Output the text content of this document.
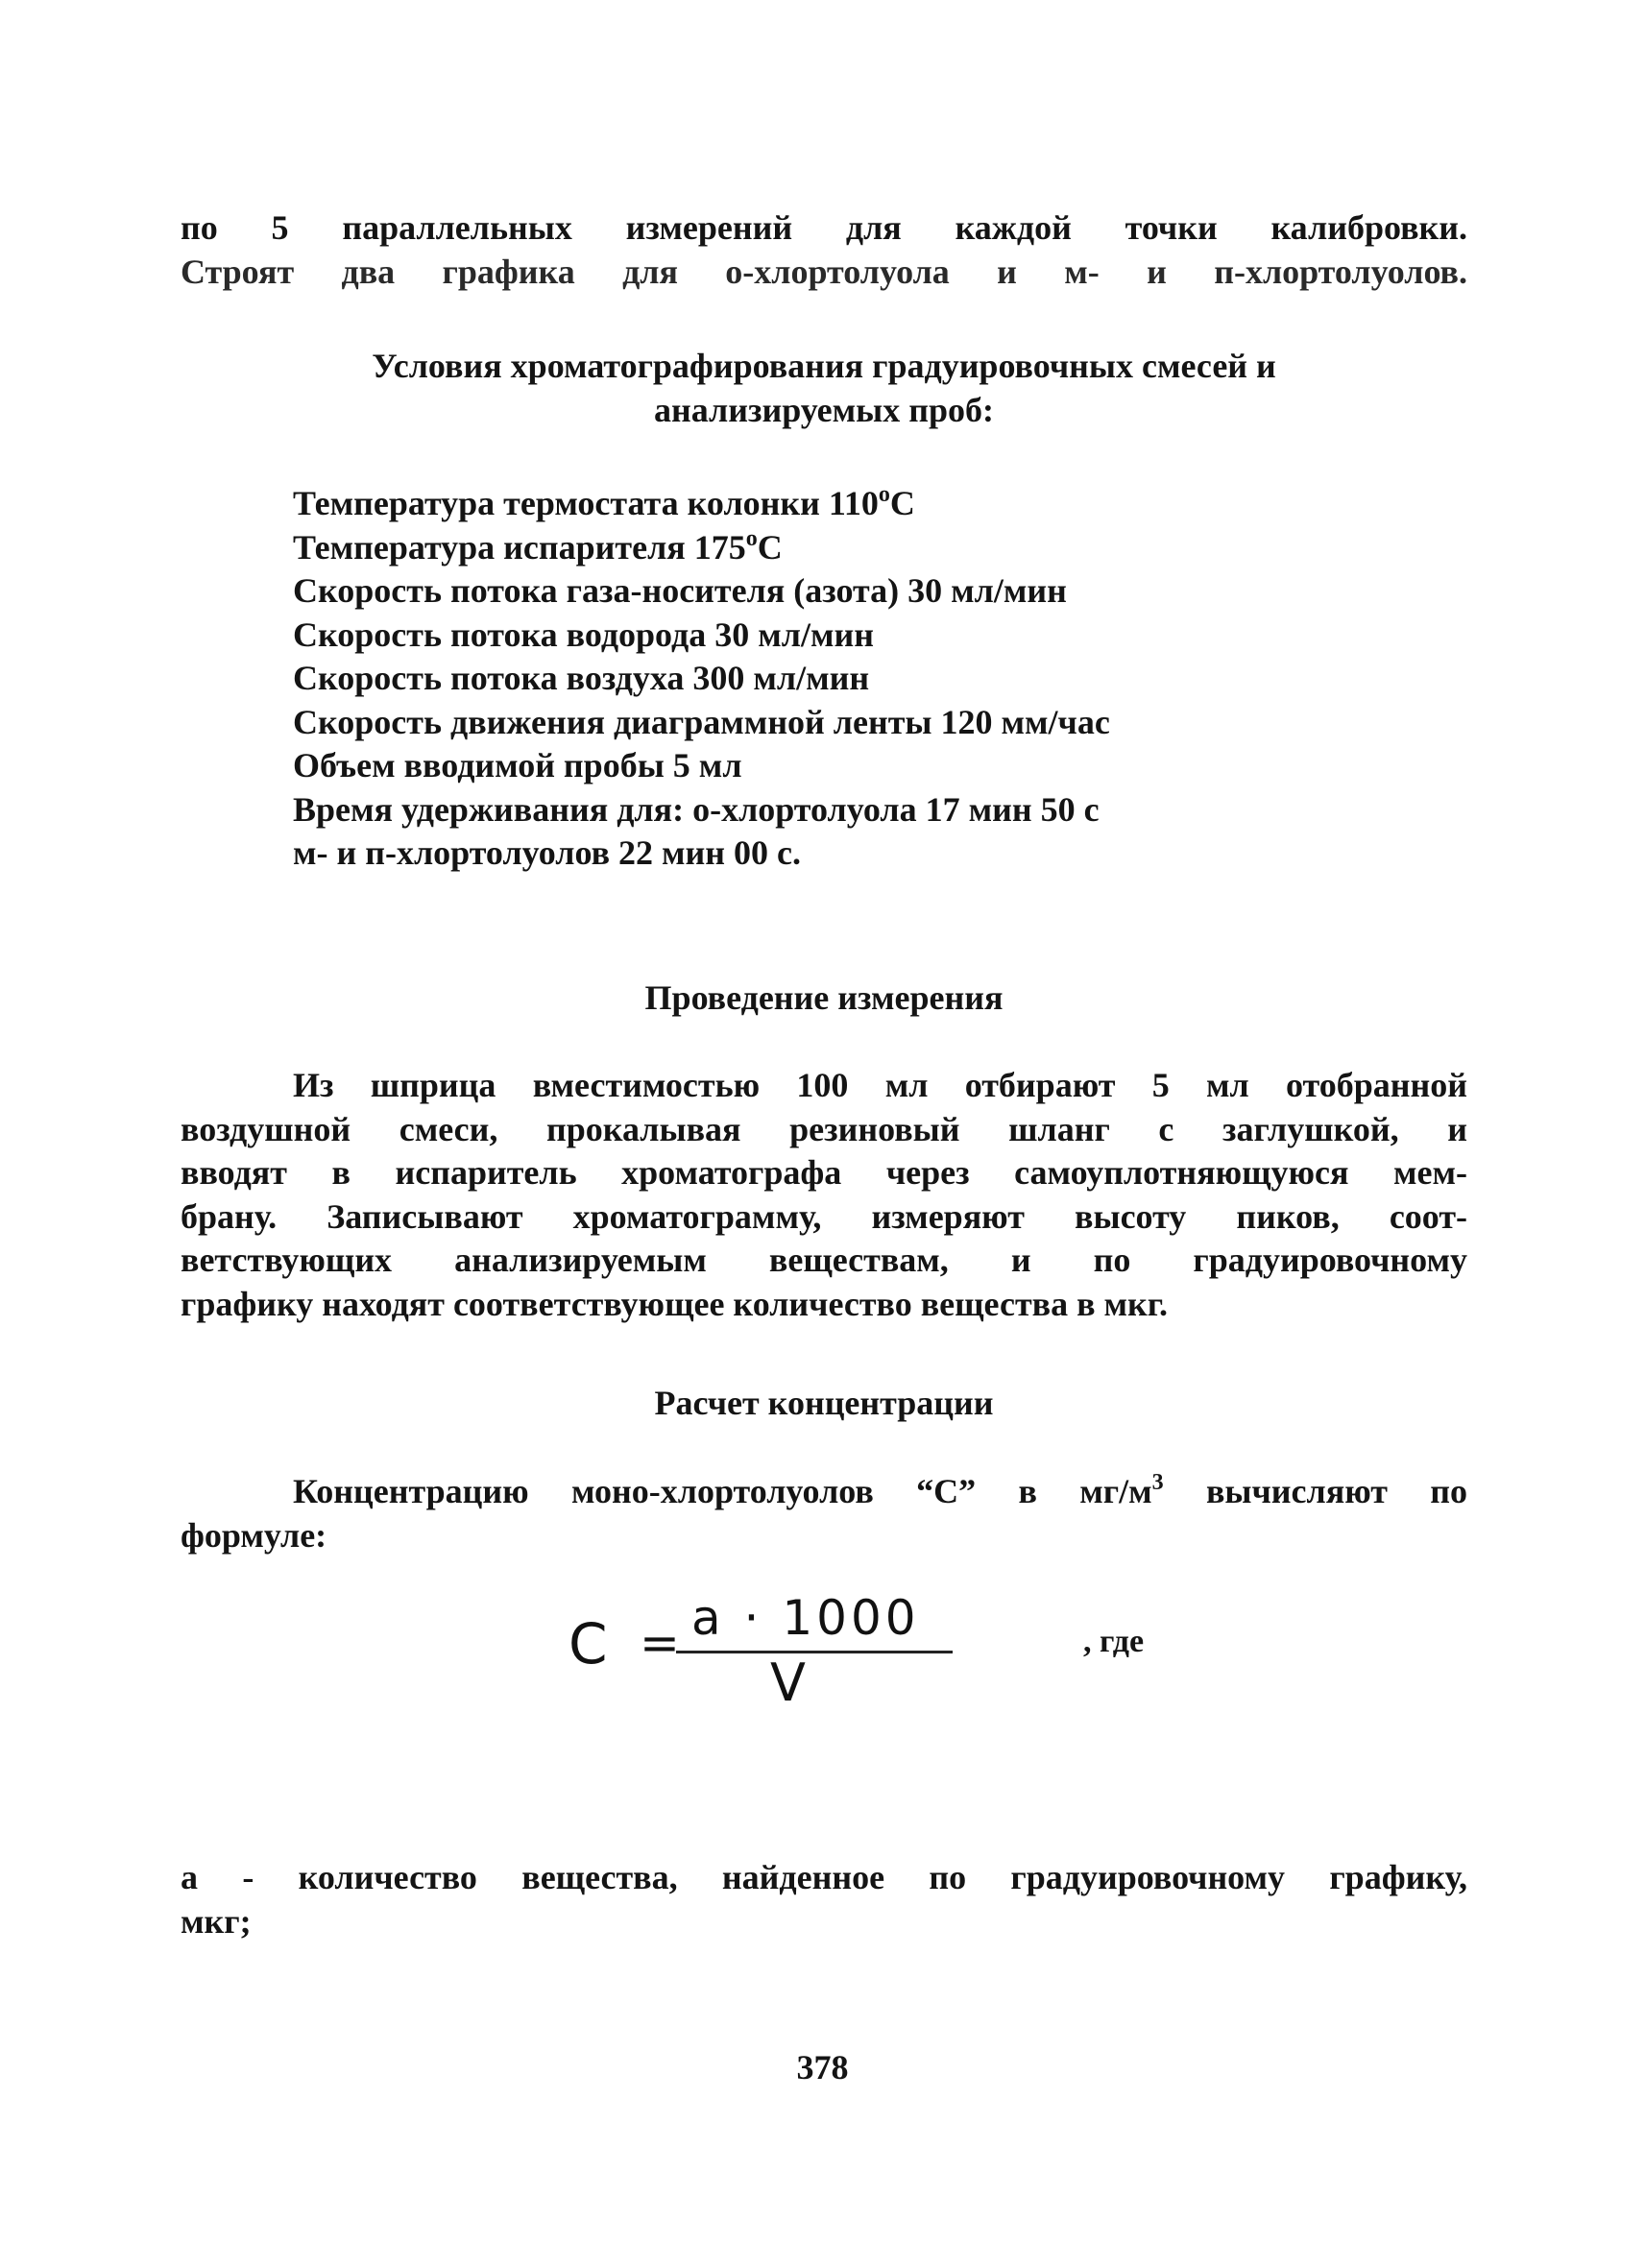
по 5 параллельных измерений для каждой точки калибровки.
Строят два графика для о-хлортолуола и м- и п-хлортолуолов.
Условия хроматографирования градуировочных смесей и
анализируемых проб:
Температура термостата колонки $110^оС$
Температура испарителя $175^оС$
Скорость потока газа-носителя (азота) 30 мл/мин
Скорость потока водорода 30 мл/мин
Скорость потока воздуха 300 мл/мин
Скорость движения диаграммной ленты 120 мм/час
Объем вводимой пробы 5 мл
Время удерживания для: о-хлортолуола 17 мин 50 с
м- и п-хлортолуолов 22 мин 00 с.
Проведение измерения
Из шприца вместимостью 100 мл отбирают 5 мл отобранной
воздушной смеси, прокалывая резиновый шланг с заглушкой, и
вводят в испаритель хроматографа через самоуплотняющуюся мем-
брану. Записывают хроматограмму, измеряют высоту пиков, соот-
ветствующих анализируемым веществам, и по градуировочному
графику находят соответствующее количество вещества в мкг.
Расчет концентрации
Концентрацию моно-хлортолуолов “С” в $мг/м^3$ вычисляют по
формуле:
С = a · 1000
V
, где
а - количество вещества, найденное по градуировочному графику,
мкг;
378
